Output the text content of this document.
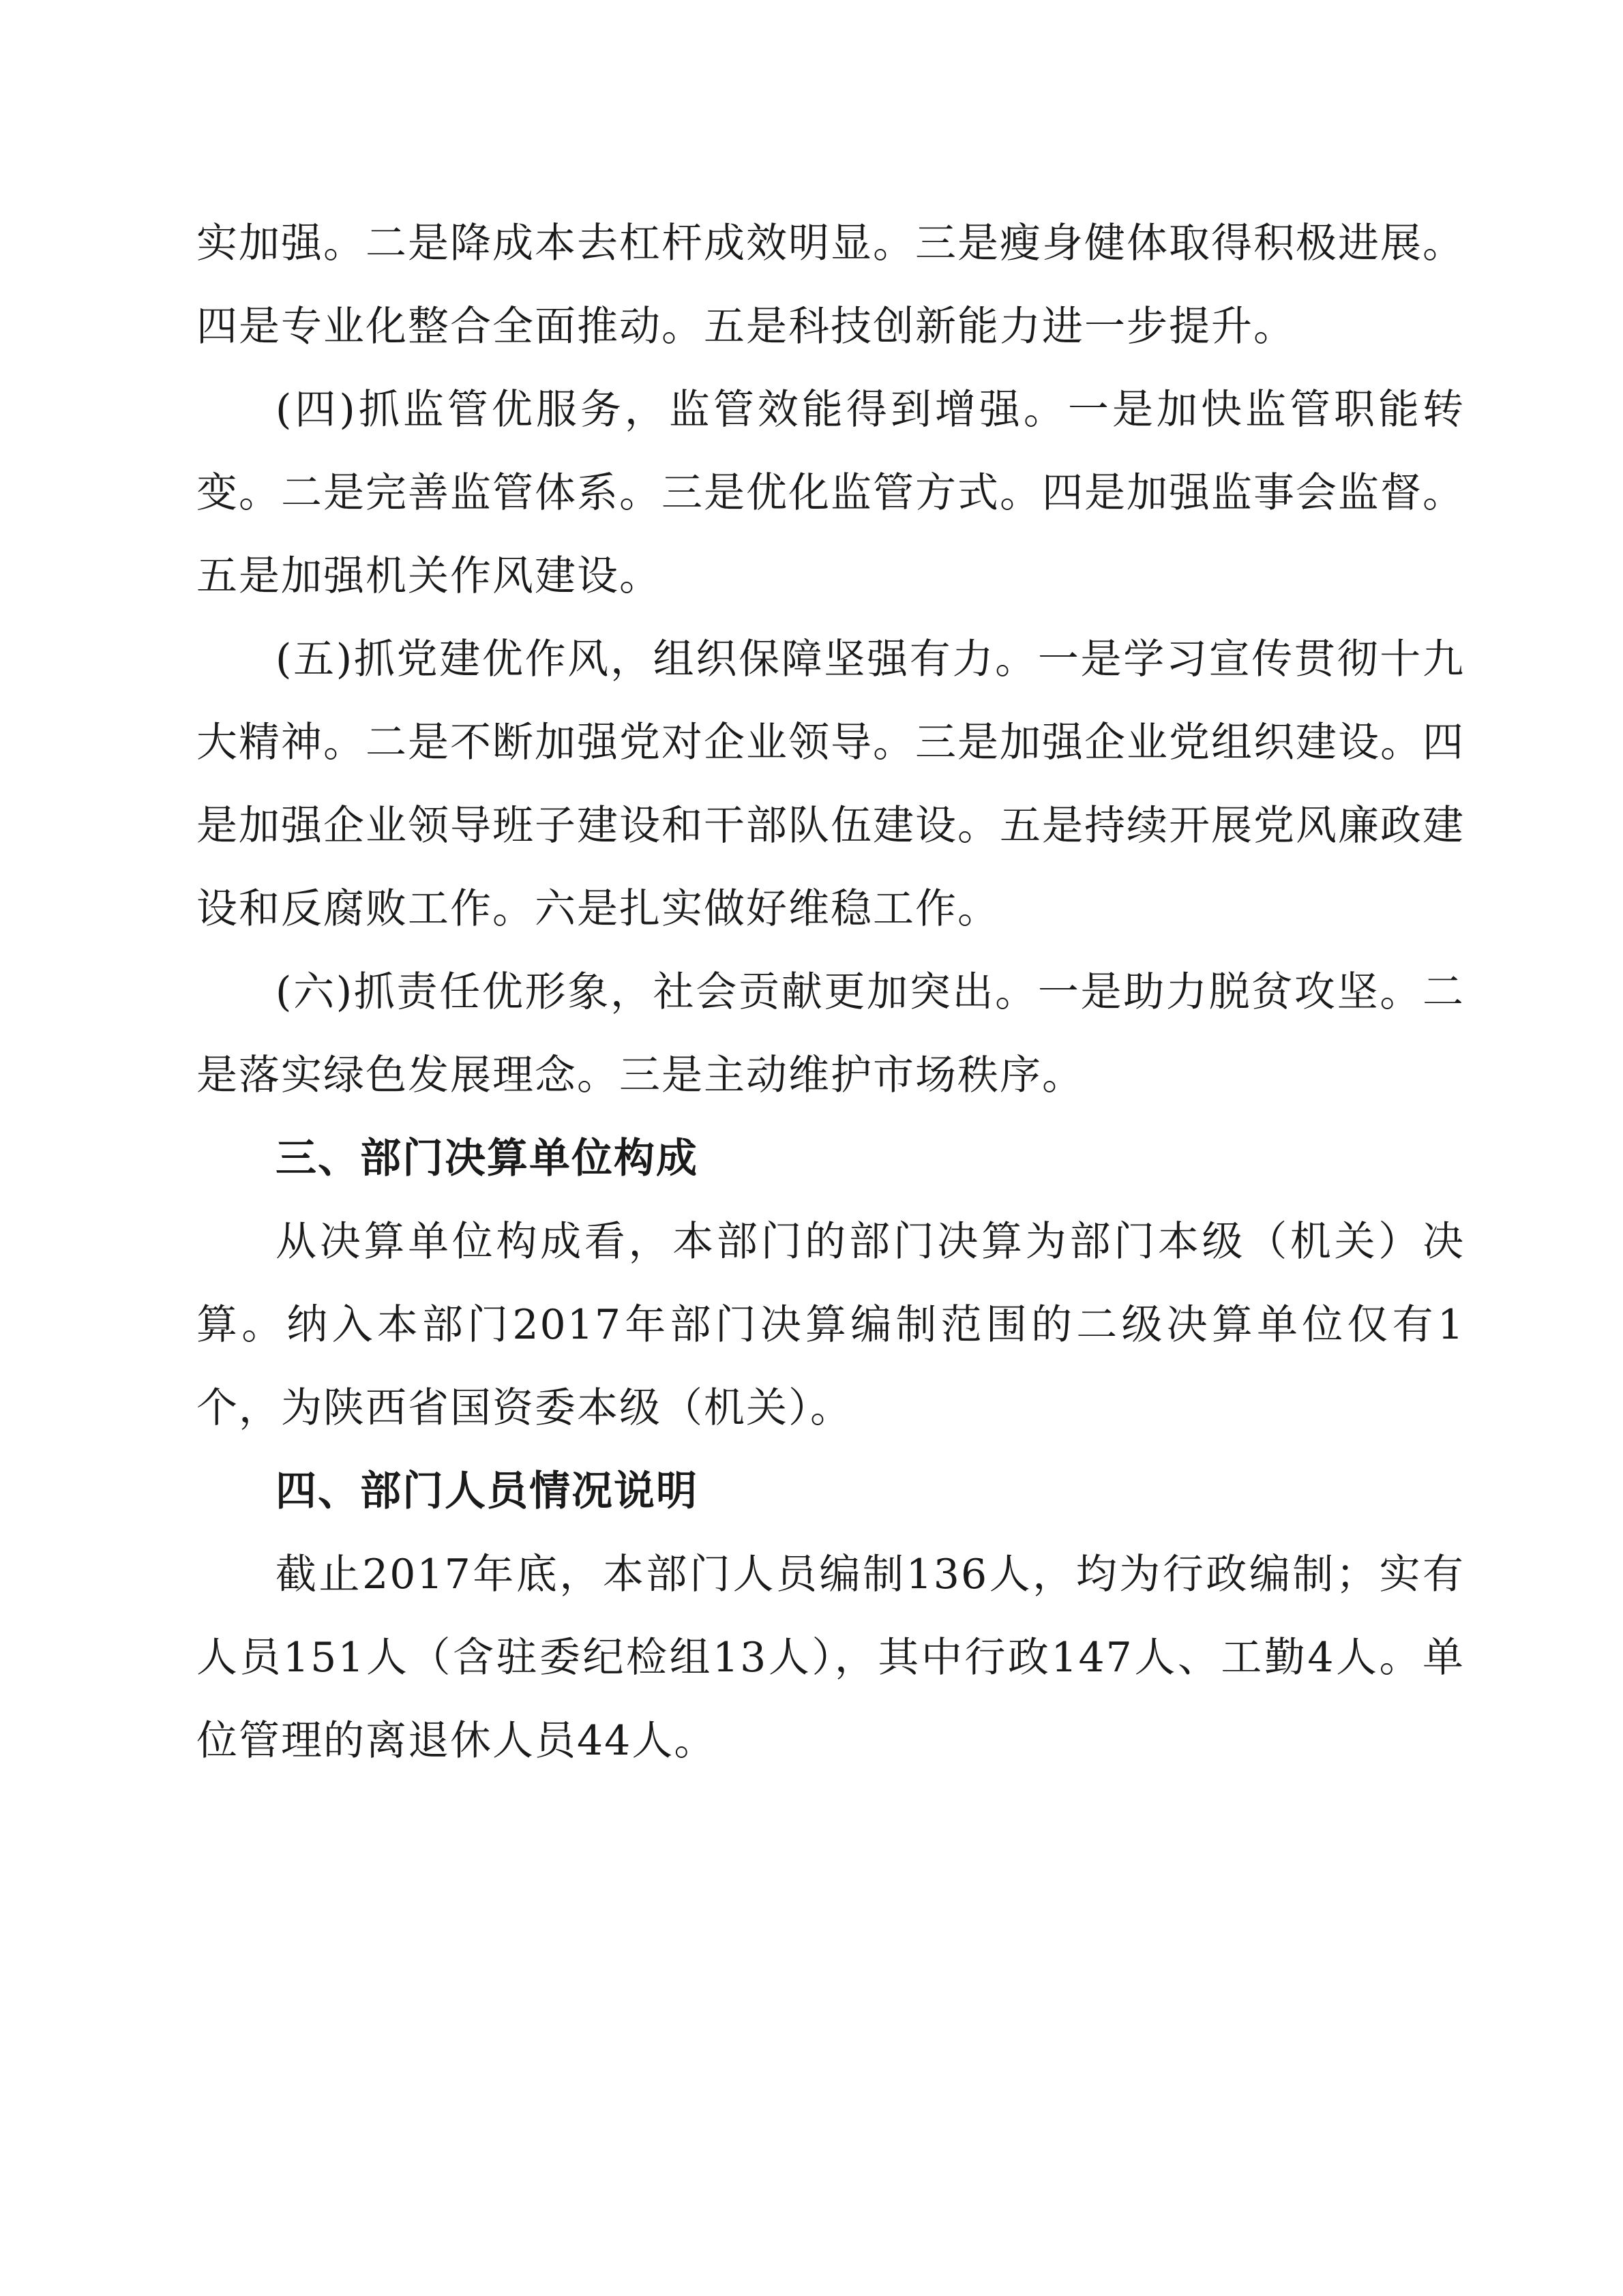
实加强。二是降成本去杠杆成效明显。三是瘦身健体取得积极进展。四是专业化整合全面推动。五是科技创新能力进一步提升。

(四)抓监管优服务，监管效能得到增强。一是加快监管职能转变。二是完善监管体系。三是优化监管方式。四是加强监事会监督。五是加强机关作风建设。

(五)抓党建优作风，组织保障坚强有力。一是学习宣传贯彻十九大精神。二是不断加强党对企业领导。三是加强企业党组织建设。四是加强企业领导班子建设和干部队伍建设。五是持续开展党风廉政建设和反腐败工作。六是扎实做好维稳工作。

(六)抓责任优形象，社会贡献更加突出。一是助力脱贫攻坚。二是落实绿色发展理念。三是主动维护市场秩序。

三、部门决算单位构成

从决算单位构成看，本部门的部门决算为部门本级（机关）决算。纳入本部门2017年部门决算编制范围的二级决算单位仅有1个，为陕西省国资委本级（机关）。

四、部门人员情况说明

截止2017年底，本部门人员编制136人，均为行政编制；实有人员151人（含驻委纪检组13人），其中行政147人、工勤4人。单位管理的离退休人员44人。
